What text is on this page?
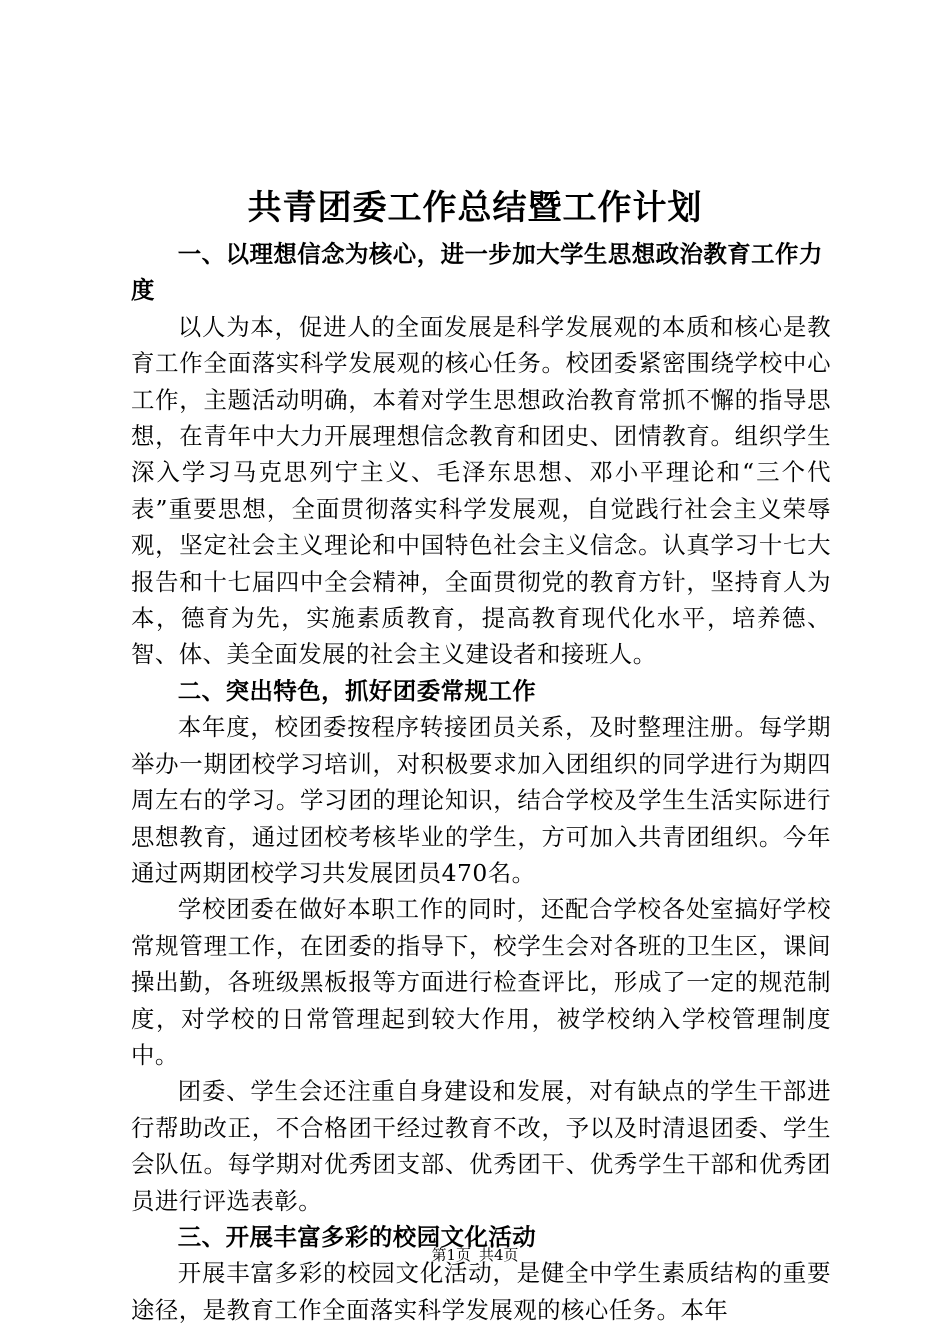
共青团委工作总结暨工作计划

一、以理想信念为核心，进一步加大学生思想政治教育工作力度

以人为本，促进人的全面发展是科学发展观的本质和核心是教育工作全面落实科学发展观的核心任务。校团委紧密围绕学校中心工作，主题活动明确，本着对学生思想政治教育常抓不懈的指导思想，在青年中大力开展理想信念教育和团史、团情教育。组织学生深入学习马克思列宁主义、毛泽东思想、邓小平理论和“三个代表”重要思想，全面贯彻落实科学发展观，自觉践行社会主义荣辱观，坚定社会主义理论和中国特色社会主义信念。认真学习十七大报告和十七届四中全会精神，全面贯彻党的教育方针，坚持育人为本，德育为先，实施素质教育，提高教育现代化水平，培养德、智、体、美全面发展的社会主义建设者和接班人。

二、突出特色，抓好团委常规工作

本年度，校团委按程序转接团员关系，及时整理注册。每学期举办一期团校学习培训，对积极要求加入团组织的同学进行为期四周左右的学习。学习团的理论知识，结合学校及学生生活实际进行思想教育，通过团校考核毕业的学生，方可加入共青团组织。今年通过两期团校学习共发展团员470名。

学校团委在做好本职工作的同时，还配合学校各处室搞好学校常规管理工作，在团委的指导下，校学生会对各班的卫生区，课间操出勤，各班级黑板报等方面进行检查评比，形成了一定的规范制度，对学校的日常管理起到较大作用，被学校纳入学校管理制度中。

团委、学生会还注重自身建设和发展，对有缺点的学生干部进行帮助改正，不合格团干经过教育不改，予以及时清退团委、学生会队伍。每学期对优秀团支部、优秀团干、优秀学生干部和优秀团员进行评选表彰。

三、开展丰富多彩的校园文化活动

开展丰富多彩的校园文化活动，是健全中学生素质结构的重要途径，是教育工作全面落实科学发展观的核心任务。本年

第1页 共4页
